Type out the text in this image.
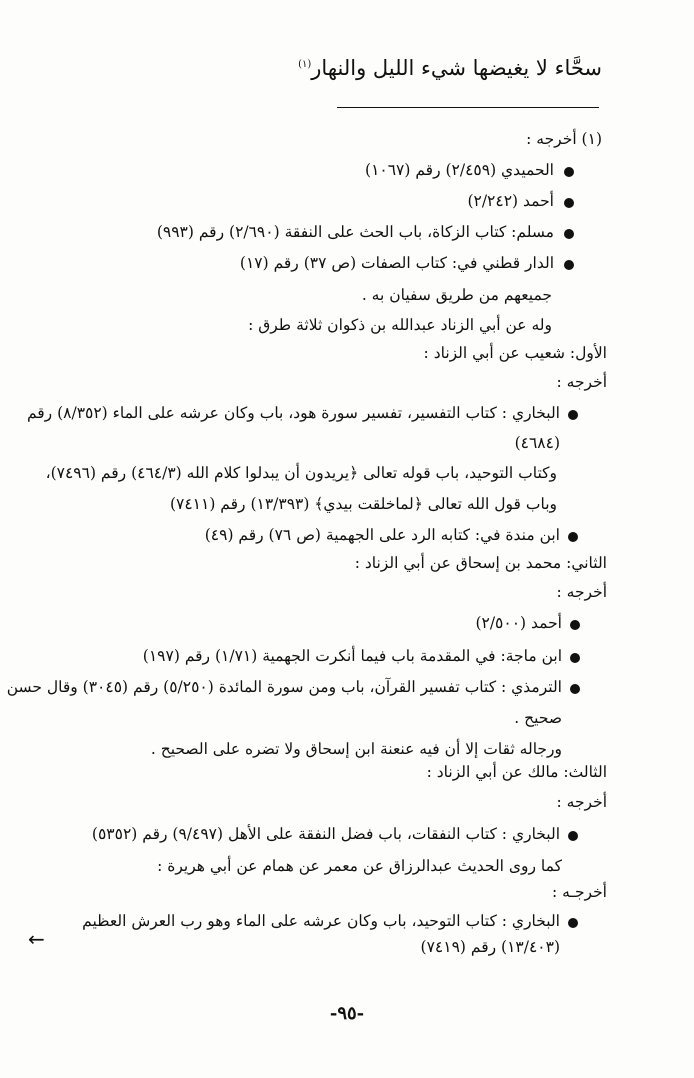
سحَّاء لا يغيضها شيء الليل والنهار$^{(١)}$
(١) أخرجه :
الحميدي (٢/٤٥٩) رقم (١٠٦٧)
أحمد (٢/٢٤٢)
مسلم: كتاب الزكاة، باب الحث على النفقة (٢/٦٩٠) رقم (٩٩٣)
الدار قطني في: كتاب الصفات (ص ٣٧) رقم (١٧)
جميعهم من طريق سفيان به .
وله عن أبي الزناد عبدالله بن ذكوان ثلاثة طرق :
الأول: شعيب عن أبي الزناد :
أخرجه :
البخاري : كتاب التفسير، تفسير سورة هود، باب وكان عرشه على الماء (٨/٣٥٢) رقم
(٤٦٨٤)
وكتاب التوحيد، باب قوله تعالى ﴿يريدون أن يبدلوا كلام الله (٤٦٤/٣) رقم (٧٤٩٦)،
وباب قول الله تعالى ﴿لماخلقت بيدي﴾ (١٣/٣٩٣) رقم (٧٤١١)
ابن مندة في: كتابه الرد على الجهمية (ص ٧٦) رقم (٤٩)
الثاني: محمد بن إسحاق عن أبي الزناد :
أخرجه :
أحمد (٢/٥٠٠)
ابن ماجة: في المقدمة باب فيما أنكرت الجهمية (١/٧١) رقم (١٩٧)
الترمذي : كتاب تفسير القرآن، باب ومن سورة المائدة (٥/٢٥٠) رقم (٣٠٤٥) وقال حسن
صحيح .
ورجاله ثقات إلا أن فيه عنعنة ابن إسحاق ولا تضره على الصحيح .
الثالث: مالك عن أبي الزناد :
أخرجه :
البخاري : كتاب النفقات، باب فضل النفقة على الأهل (٩/٤٩٧) رقم (٥٣٥٢)
كما روى الحديث عبدالرزاق عن معمر عن همام عن أبي هريرة :
أخرجـه :
البخاري : كتاب التوحيد، باب وكان عرشه على الماء وهو رب العرش العظيم
(١٣/٤٠٣) رقم (٧٤١٩)
←
-٩٥-
